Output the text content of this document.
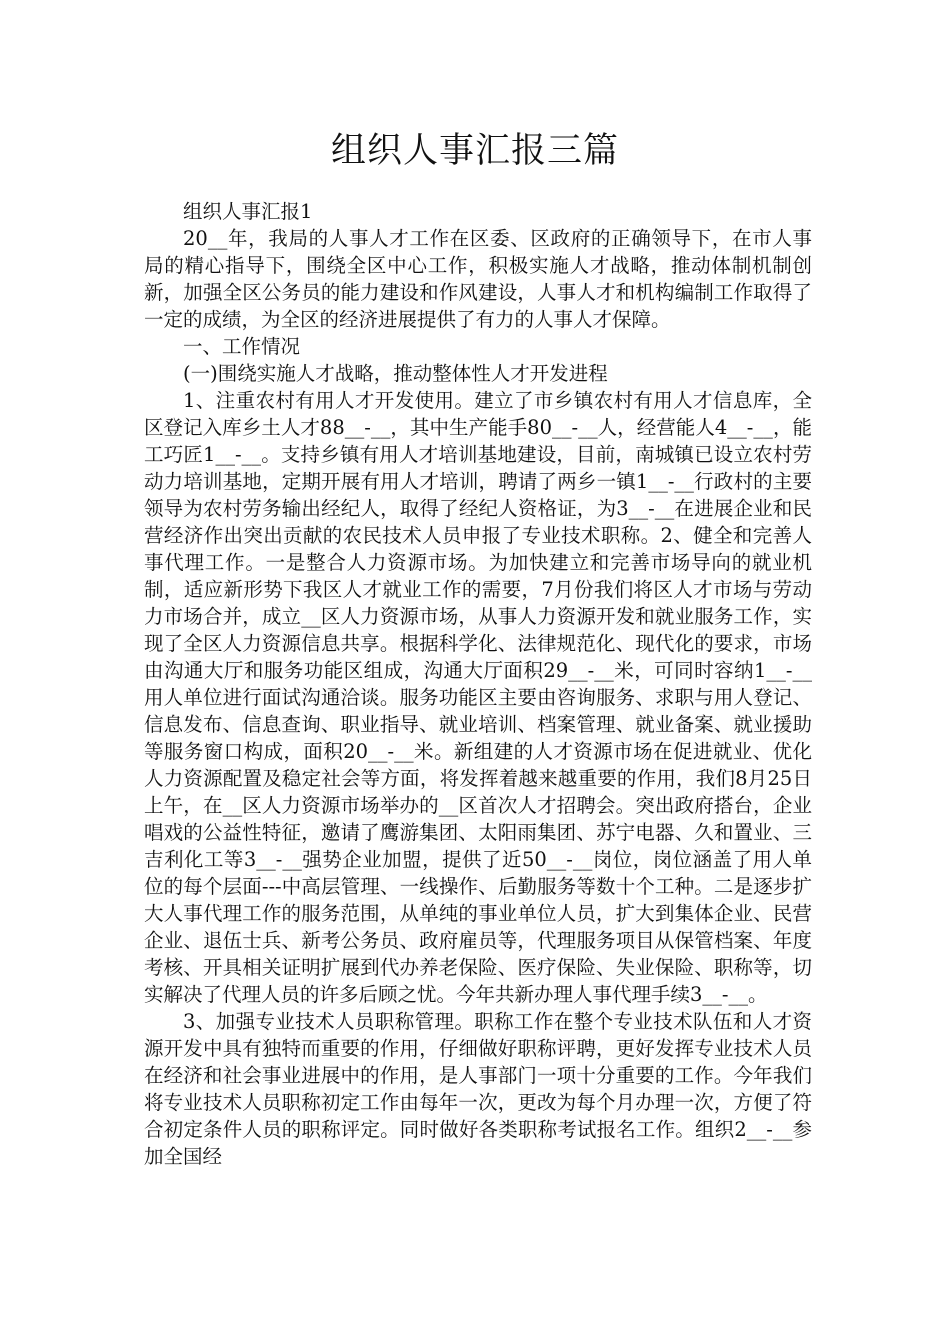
组织人事汇报三篇

组织人事汇报1

20__年，我局的人事人才工作在区委、区政府的正确领导下，在市人事局的精心指导下，围绕全区中心工作，积极实施人才战略，推动体制机制创新，加强全区公务员的能力建设和作风建设，人事人才和机构编制工作取得了一定的成绩，为全区的经济进展提供了有力的人事人才保障。

一、工作情况

(一)围绕实施人才战略，推动整体性人才开发进程

1、注重农村有用人才开发使用。建立了市乡镇农村有用人才信息库，全区登记入库乡土人才88__-__，其中生产能手80__-__人，经营能人4__-__，能工巧匠1__-__。支持乡镇有用人才培训基地建设，目前，南城镇已设立农村劳动力培训基地，定期开展有用人才培训，聘请了两乡一镇1__-__行政村的主要领导为农村劳务输出经纪人，取得了经纪人资格证，为3__-__在进展企业和民营经济作出突出贡献的农民技术人员申报了专业技术职称。2、健全和完善人事代理工作。一是整合人力资源市场。为加快建立和完善市场导向的就业机制，适应新形势下我区人才就业工作的需要，7月份我们将区人才市场与劳动力市场合并，成立__区人力资源市场，从事人力资源开发和就业服务工作，实现了全区人力资源信息共享。根据科学化、法律规范化、现代化的要求，市场由沟通大厅和服务功能区组成，沟通大厅面积29__-__米，可同时容纳1__-__用人单位进行面试沟通洽谈。服务功能区主要由咨询服务、求职与用人登记、信息发布、信息查询、职业指导、就业培训、档案管理、就业备案、就业援助等服务窗口构成，面积20__-__米。新组建的人才资源市场在促进就业、优化人力资源配置及稳定社会等方面，将发挥着越来越重要的作用，我们8月25日上午，在__区人力资源市场举办的__区首次人才招聘会。突出政府搭台，企业唱戏的公益性特征，邀请了鹰游集团、太阳雨集团、苏宁电器、久和置业、三吉利化工等3__-__强势企业加盟，提供了近50__-__岗位，岗位涵盖了用人单位的每个层面---中高层管理、一线操作、后勤服务等数十个工种。二是逐步扩大人事代理工作的服务范围，从单纯的事业单位人员，扩大到集体企业、民营企业、退伍士兵、新考公务员、政府雇员等，代理服务项目从保管档案、年度考核、开具相关证明扩展到代办养老保险、医疗保险、失业保险、职称等，切实解决了代理人员的许多后顾之忧。今年共新办理人事代理手续3__-__。

3、加强专业技术人员职称管理。职称工作在整个专业技术队伍和人才资源开发中具有独特而重要的作用，仔细做好职称评聘，更好发挥专业技术人员在经济和社会事业进展中的作用，是人事部门一项十分重要的工作。今年我们将专业技术人员职称初定工作由每年一次，更改为每个月办理一次，方便了符合初定条件人员的职称评定。同时做好各类职称考试报名工作。组织2__-__参加全国经
